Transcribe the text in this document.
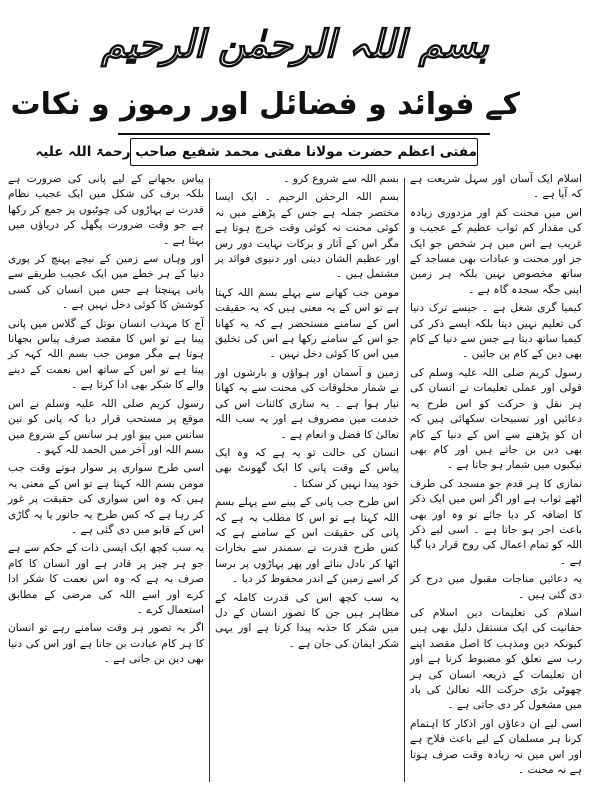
بسم اللہ الرحمٰن الرحیم
کے فوائد و فضائل اور رموز و نکات
مفتی اعظم حضرت مولانا مفتی محمد شفیع صاحب رحمۃ اللہ علیہ

اسلام ایک آسان اور سہل شریعت ہے کہ آیا ہے ۔

اس میں محنت کم اور مزدوری زیادہ کی مقدار کم ثواب عظیم کے عجیب و غریب ہے اس میں ہر شخص جو ایک جز اور محنت و عبادات بھی مساجد کے ساتھ مخصوص نہیں بلکہ ہر زمین اپنی جگہ سجدہ گاہ ہے ۔

کیمیا گری شغل ہے ۔ جیسے ترک دنیا کی تعلیم نہیں دیتا بلکہ ایسے ذکر کی کیمیا ساتھ دیتا ہے جس سے دنیا کے کام بھی دین کے کام بن جائیں ۔

رسول کریم صلی اللہ علیہ وسلم کی قولی اور عملی تعلیمات نے انسان کی ہر نقل و حرکت کو اس طرح یہ دعائیں اور تسبیحات سکھائی ہیں کہ ان کو پڑھنے سے اس کے دنیا کے کام بھی دین بن جاتے ہیں اور کام بھی نیکیوں میں شمار ہو جاتا ہے ۔

نمازی کا ہر قدم جو مسجد کی طرف اٹھے ثواب ہے اور اگر اس میں ایک ذکر کا اضافہ کر دیا جائے تو وہ اور بھی باعث اجر ہو جاتا ہے ۔ اسی لیے ذکر اللہ کو تمام اعمال کی روح قرار دیا گیا ہے ۔

یہ دعائیں مناجات مقبول میں درج کر دی گئی ہیں ۔

اسلام کی تعلیمات دین اسلام کی حقانیت کی ایک مستقل دلیل بھی ہیں کیونکہ دین ومذہب کا اصل مقصد اپنے رب سے تعلق کو مضبوط کرنا ہے اور ان تعلیمات کے ذریعہ انسان کی ہر چھوٹی بڑی حرکت اللہ تعالیٰ کی یاد میں مشغول کر دی جاتی ہے ۔

اسی لیے ان دعاؤں اور اذکار کا اہتمام کرنا ہر مسلمان کے لیے باعث فلاح ہے اور اس میں نہ زیادہ وقت صرف ہوتا ہے نہ محنت ۔

بسم اللہ سے شروع کرو ۔

بسم اللہ الرحمٰن الرحیم ۔ ایک ایسا مختصر جملہ ہے جس کے پڑھنے میں نہ کوئی محنت نہ کوئی وقت خرچ ہوتا ہے مگر اس کے آثار و برکات نہایت دور رس اور عظیم الشان دینی اور دنیوی فوائد پر مشتمل ہیں ۔

مومن جب کھانے سے پہلے بسم اللہ کہتا ہے تو اس کے یہ معنی ہیں کہ یہ حقیقت اس کے سامنے مستحضر ہے کہ یہ کھانا جو اس کے سامنے رکھا ہے اس کی تخلیق میں اس کا کوئی دخل نہیں ۔

زمین و آسمان اور ہواؤں و بارشوں اور بے شمار مخلوقات کی محنت سے یہ کھانا تیار ہوا ہے ۔ یہ ساری کائنات اس کی خدمت میں مصروف ہے اور یہ سب اللہ تعالیٰ کا فضل و انعام ہے ۔

انسان کی حالت تو یہ ہے کہ وہ ایک پیاس کے وقت پانی کا ایک گھونٹ بھی خود پیدا نہیں کر سکتا ۔

اس طرح جب پانی کے پینے سے پہلے بسم اللہ کہتا ہے تو اس کا مطلب یہ ہے کہ پانی کی حقیقت اس کے سامنے ہے کہ کس طرح قدرت نے سمندر سے بخارات اٹھا کر بادل بنائے اور پھر پہاڑوں پر برسا کر اسے زمین کے اندر محفوظ کر دیا ۔

یہ سب کچھ اس کی قدرت کاملہ کے مظاہر ہیں جن کا تصور انسان کے دل میں شکر کا جذبہ پیدا کرتا ہے اور یہی شکر ایمان کی جان ہے ۔

پیاس بجھانے کے لیے پانی کی ضرورت ہے بلکہ برف کی شکل میں ایک عجیب نظام قدرت نے پہاڑوں کی چوٹیوں پر جمع کر رکھا ہے جو وقت ضرورت پگھل کر دریاؤں میں بہتا ہے ۔

اور وہاں سے زمین کے نیچے پہنچ کر پوری دنیا کے ہر خطے میں ایک عجیب طریقے سے پانی پہنچتا ہے جس میں انسان کی کسی کوشش کا کوئی دخل نہیں ہے ۔

آج کا مہذب انسان بوتل کے گلاس میں پانی پینا ہے تو اس کا مقصد صرف پیاس بجھانا ہوتا ہے مگر مومن جب بسم اللہ کہہ کر پیتا ہے تو اس کے ساتھ اس نعمت کے دینے والے کا شکر بھی ادا کرتا ہے ۔

رسول کریم صلی اللہ علیہ وسلم نے اس موقع پر مستحب قرار دیا کہ پانی کو تین سانس میں پیو اور ہر سانس کے شروع میں بسم اللہ اور آخر میں الحمد للہ کہو ۔

اسی طرح سواری پر سوار ہوتے وقت جب مومن بسم اللہ کہتا ہے تو اس کے معنی یہ ہیں کہ وہ اس سواری کی حقیقت پر غور کر رہا ہے کہ کس طرح یہ جانور یا یہ گاڑی اس کے قابو میں دی گئی ہے ۔

یہ سب کچھ ایک ایسی ذات کے حکم سے ہے جو ہر چیز پر قادر ہے اور انسان کا کام صرف یہ ہے کہ وہ اس نعمت کا شکر ادا کرے اور اسے اللہ کی مرضی کے مطابق استعمال کرے ۔

اگر یہ تصور ہر وقت سامنے رہے تو انسان کا ہر کام عبادت بن جاتا ہے اور اس کی دنیا بھی دین بن جاتی ہے ۔
